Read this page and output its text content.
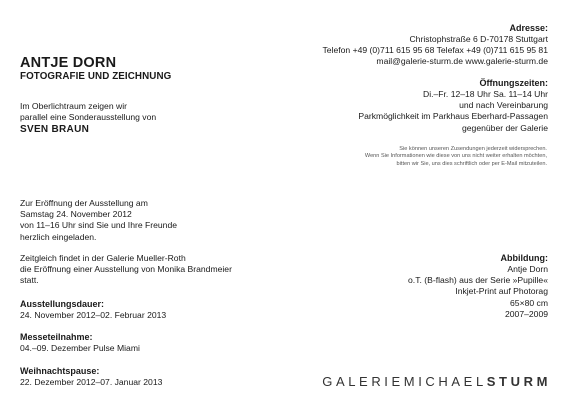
ANTJE DORN
FOTOGRAFIE UND ZEICHNUNG
Im Oberlichtraum zeigen wir
parallel eine Sonderausstellung von
SVEN BRAUN
Zur Eröffnung der Ausstellung am
Samstag 24. November 2012
von 11–16 Uhr sind Sie und Ihre Freunde
herzlich eingeladen.
Zeitgleich findet in der Galerie Mueller-Roth
die Eröffnung einer Ausstellung von Monika Brandmeier
statt.
Ausstellungsdauer:
24. November 2012–02. Februar 2013
Messeteilnahme:
04.–09. Dezember Pulse Miami
Weihnachtspause:
22. Dezember 2012–07. Januar 2013
Adresse:
Christophstraße 6 D-70178 Stuttgart
Telefon +49 (0)711 615 95 68 Telefax +49 (0)711 615 95 81
mail@galerie-sturm.de www.galerie-sturm.de
Öffnungszeiten:
Di.–Fr. 12–18 Uhr Sa. 11–14 Uhr
und nach Vereinbarung
Parkmöglichkeit im Parkhaus Eberhard-Passagen
gegenüber der Galerie
Sie können unseren Zusendungen jederzeit widersprechen.
Wenn Sie Informationen wie diese von uns nicht weiter erhalten möchten,
bitten wir Sie, uns dies schriftlich oder per E-Mail mitzuteilen.
Abbildung:
Antje Dorn
o.T. (B-flash) aus der Serie »Pupille«
Inkjet-Print auf Photorag
65×80 cm
2007–2009
GALERIEMICHAELSTURM
